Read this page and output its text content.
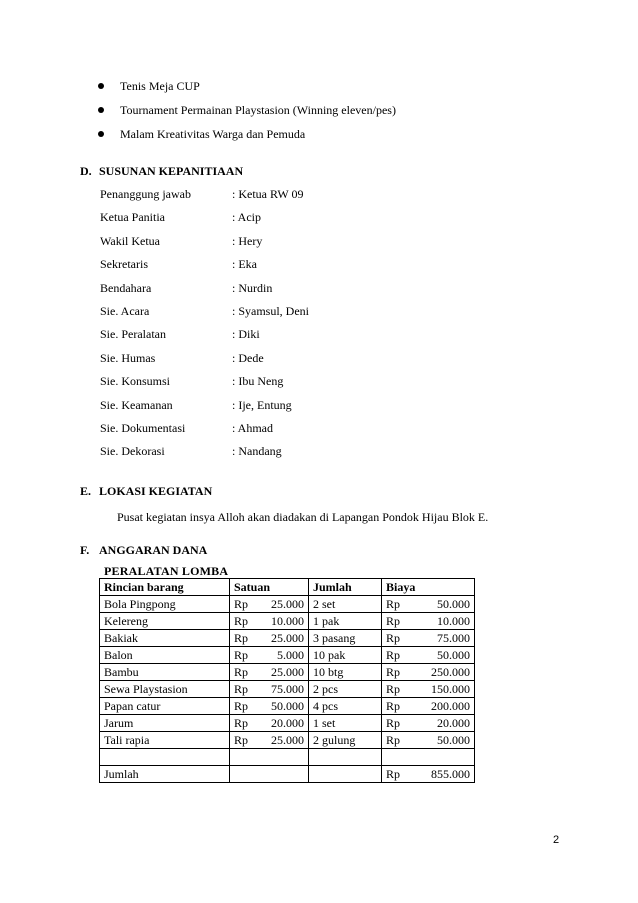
Tenis Meja CUP
Tournament Permainan Playstasion (Winning eleven/pes)
Malam Kreativitas Warga dan Pemuda
D. SUSUNAN KEPANITIAAN
Penanggung jawab	: Ketua RW 09
Ketua Panitia	: Acip
Wakil Ketua	: Hery
Sekretaris	: Eka
Bendahara	: Nurdin
Sie. Acara	: Syamsul, Deni
Sie. Peralatan	: Diki
Sie. Humas	: Dede
Sie. Konsumsi	: Ibu Neng
Sie. Keamanan	: Ije, Entung
Sie. Dokumentasi	: Ahmad
Sie. Dekorasi	: Nandang
E. LOKASI KEGIATAN
Pusat kegiatan insya Alloh akan diadakan di Lapangan Pondok Hijau Blok E.
F. ANGGARAN DANA
PERALATAN LOMBA
Rincian barang	Satuan	Jumlah	Biaya
Bola Pingpong	Rp 25.000	2 set	Rp 50.000

Kelereng	Rp 10.000	1 pak	Rp 10.000

Bakiak	Rp 25.000	3 pasang	Rp 75.000

Balon	Rp 5.000	10 pak	Rp 50.000

Bambu	Rp 25.000	10 btg	Rp 250.000

Sewa Playstasion	Rp 75.000	2 pcs	Rp 150.000

Papan catur	Rp 50.000	4 pcs	Rp 200.000

Jarum	Rp 20.000	1 set	Rp 20.000

Tali rapia	Rp 25.000	2 gulung	Rp 50.000

Jumlah			Rp 855.000
2
